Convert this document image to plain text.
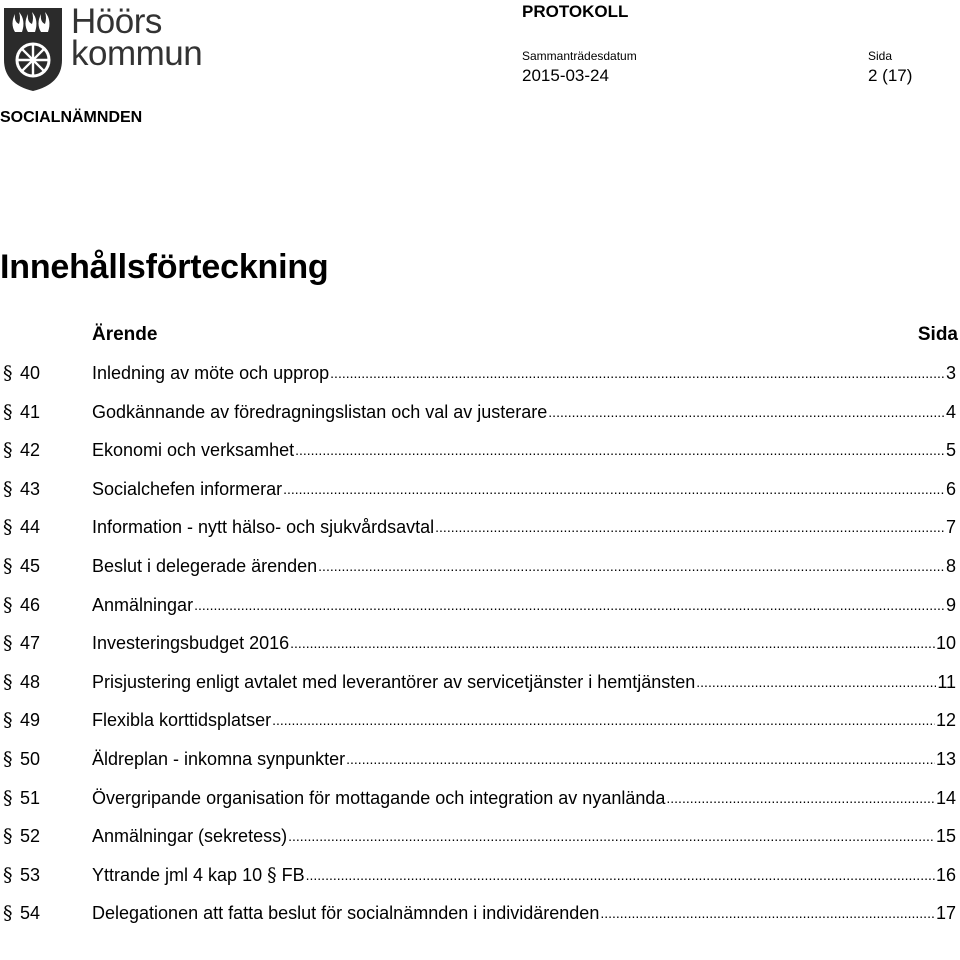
Höörs
kommun
PROTOKOLL
Sammanträdesdatum	Sida
2015-03-24	2 (17)
SOCIALNÄMNDEN
Innehållsförteckning
Ärende	Sida
§ 40	Inledning av möte och upprop .....	3
§ 41	Godkännande av föredragningslistan och val av justerare .....	4
§ 42	Ekonomi och verksamhet .....	5
§ 43	Socialchefen informerar .....	6
§ 44	Information - nytt hälso- och sjukvårdsavtal .....	7
§ 45	Beslut i delegerade ärenden .....	8
§ 46	Anmälningar .....	9
§ 47	Investeringsbudget 2016 .....	10
§ 48	Prisjustering enligt avtalet med leverantörer av servicetjänster i hemtjänsten .....	11
§ 49	Flexibla korttidsplatser .....	12
§ 50	Äldreplan - inkomna synpunkter .....	13
§ 51	Övergripande organisation för mottagande och integration av nyanlända .....	14
§ 52	Anmälningar (sekretess) .....	15
§ 53	Yttrande jml 4 kap 10 § FB .....	16
§ 54	Delegationen att fatta beslut för socialnämnden i individärenden .....	17
